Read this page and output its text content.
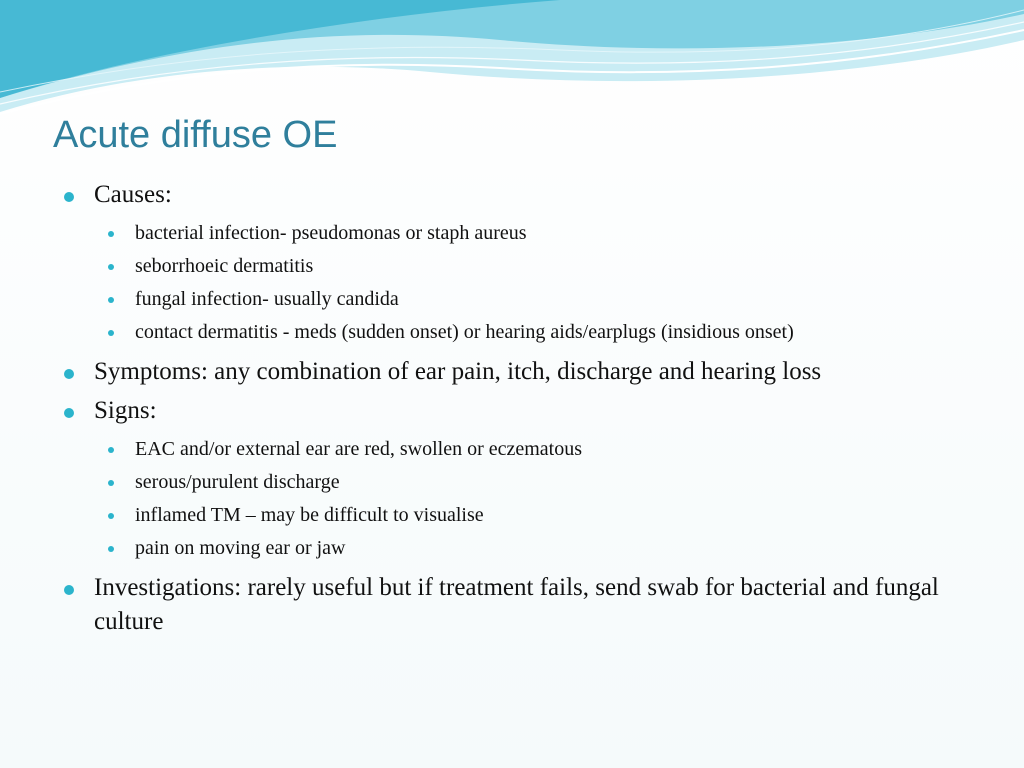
Acute diffuse OE
Causes:
bacterial infection- pseudomonas or staph aureus
seborrhoeic dermatitis
fungal infection- usually candida
contact dermatitis - meds (sudden onset) or hearing aids/earplugs (insidious onset)
Symptoms: any combination of ear pain, itch, discharge and hearing loss
Signs:
EAC and/or external ear are red, swollen or eczematous
serous/purulent discharge
inflamed TM – may be difficult to visualise
pain on moving ear or jaw
Investigations: rarely useful but if treatment fails, send swab for bacterial and fungal culture
